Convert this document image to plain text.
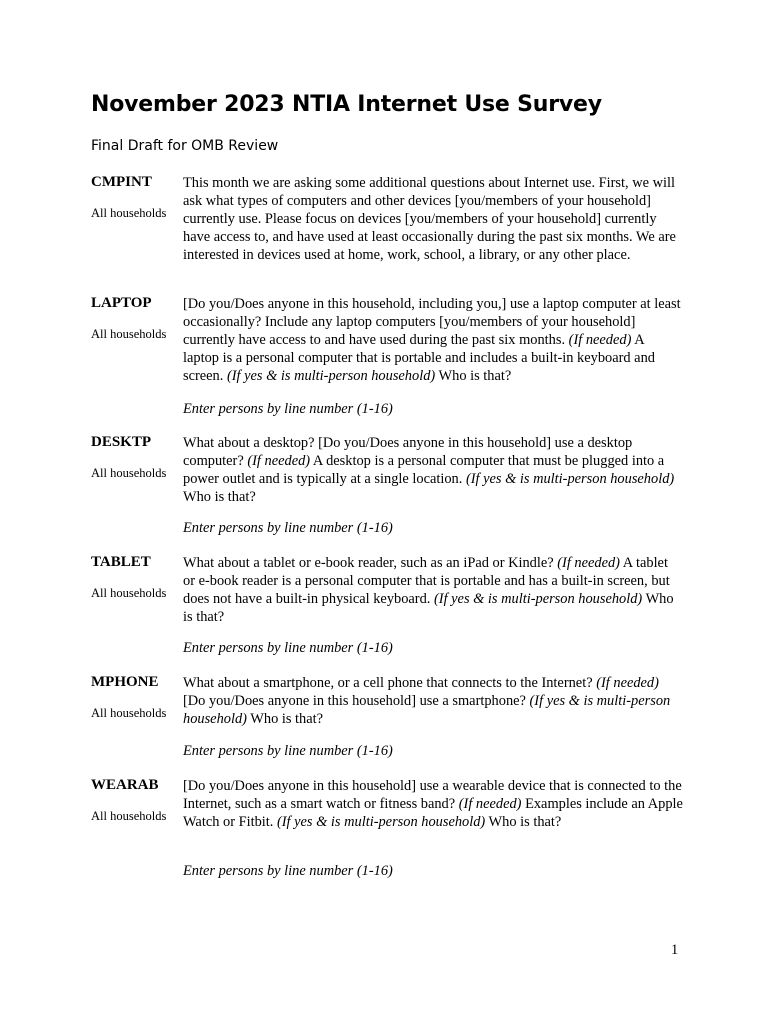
November 2023 NTIA Internet Use Survey
Final Draft for OMB Review
CMPINT
All households

This month we are asking some additional questions about Internet use. First, we will ask what types of computers and other devices [you/members of your household] currently use. Please focus on devices [you/members of your household] currently have access to, and have used at least occasionally during the past six months. We are interested in devices used at home, work, school, a library, or any other place.

LAPTOP
All households

[Do you/Does anyone in this household, including you,] use a laptop computer at least occasionally? Include any laptop computers [you/members of your household] currently have access to and have used during the past six months. (If needed) A laptop is a personal computer that is portable and includes a built-in keyboard and screen. (If yes & is multi-person household) Who is that?

Enter persons by line number (1-16)
DESKTP
All households

What about a desktop? [Do you/Does anyone in this household] use a desktop computer? (If needed) A desktop is a personal computer that must be plugged into a power outlet and is typically at a single location. (If yes & is multi-person household) Who is that?

Enter persons by line number (1-16)
TABLET
All households

What about a tablet or e-book reader, such as an iPad or Kindle? (If needed) A tablet or e-book reader is a personal computer that is portable and has a built-in screen, but does not have a built-in physical keyboard. (If yes & is multi-person household) Who is that?

Enter persons by line number (1-16)
MPHONE
All households

What about a smartphone, or a cell phone that connects to the Internet? (If needed) [Do you/Does anyone in this household] use a smartphone? (If yes & is multi-person household) Who is that?

Enter persons by line number (1-16)
WEARAB
All households

[Do you/Does anyone in this household] use a wearable device that is connected to the Internet, such as a smart watch or fitness band? (If needed) Examples include an Apple Watch or Fitbit. (If yes & is multi-person household) Who is that?

Enter persons by line number (1-16)
1
